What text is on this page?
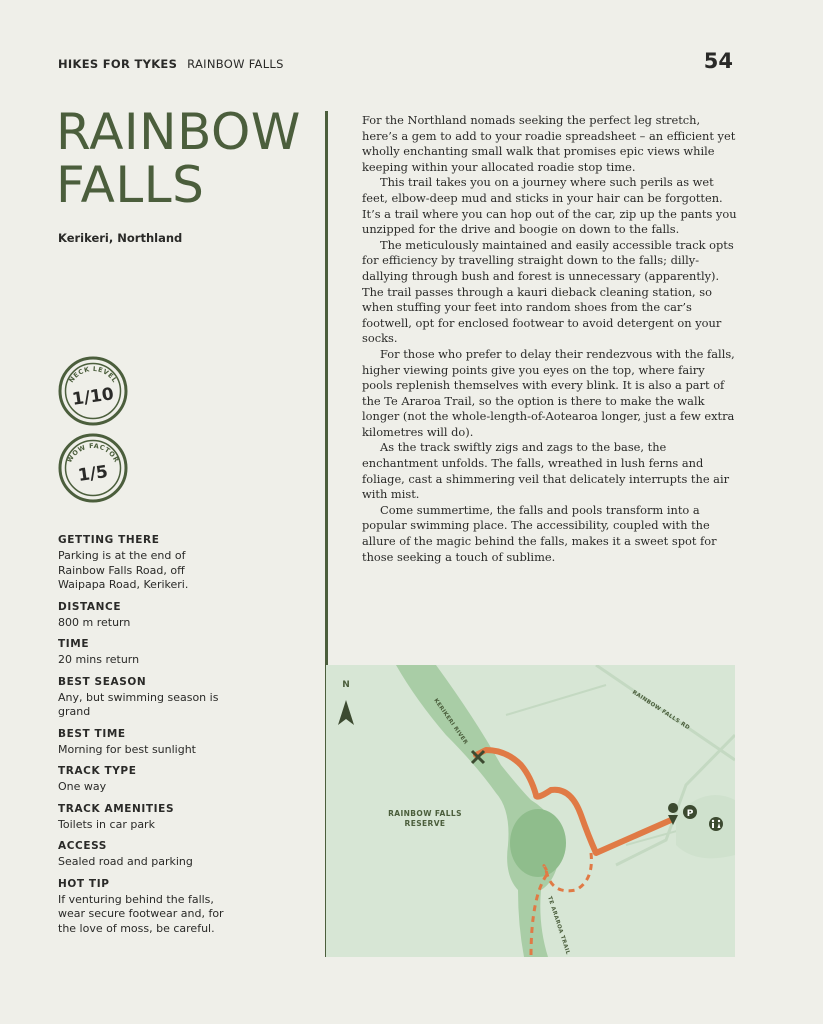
HIKES FOR TYKES RAINBOW FALLS	54
RAINBOW
FALLS
Kerikeri, Northland
NECK LEVEL
1/10
WOW FACTOR
1/5
GETTING THERE
Parking is at the end of Rainbow Falls Road, off Waipapa Road, Kerikeri.
DISTANCE
800 m return
TIME
20 mins return
BEST SEASON
Any, but swimming season is grand
BEST TIME
Morning for best sunlight
TRACK TYPE
One way
TRACK AMENITIES
Toilets in car park
ACCESS
Sealed road and parking
HOT TIP
If venturing behind the falls, wear secure footwear and, for the love of moss, be careful.

For the Northland nomads seeking the perfect leg stretch, here’s a gem to add to your roadie spreadsheet – an efficient yet wholly enchanting small walk that promises epic views while keeping within your allocated roadie stop time.

This trail takes you on a journey where such perils as wet feet, elbow-deep mud and sticks in your hair can be forgotten. It’s a trail where you can hop out of the car, zip up the pants you unzipped for the drive and boogie on down to the falls.

The meticulously maintained and easily accessible track opts for efficiency by travelling straight down to the falls; dilly-dallying through bush and forest is unnecessary (apparently). The trail passes through a kauri dieback cleaning station, so when stuffing your feet into random shoes from the car’s footwell, opt for enclosed footwear to avoid detergent on your socks.

For those who prefer to delay their rendezvous with the falls, higher viewing points give you eyes on the top, where fairy pools replenish themselves with every blink. It is also a part of the Te Araroa Trail, so the option is there to make the walk longer (not the whole-length-of-Aotearoa longer, just a few extra kilometres will do).

As the track swiftly zigs and zags to the base, the enchantment unfolds. The falls, wreathed in lush ferns and foliage, cast a shimmering veil that delicately interrupts the air with mist.

Come summertime, the falls and pools transform into a popular swimming place. The accessibility, coupled with the allure of the magic behind the falls, makes it a sweet spot for those seeking a touch of sublime.

P
N
KERIKERI RIVER	RAINBOW FALLS RD
RAINBOW FALLS
RESERVE
TE ARAROA TRAIL
